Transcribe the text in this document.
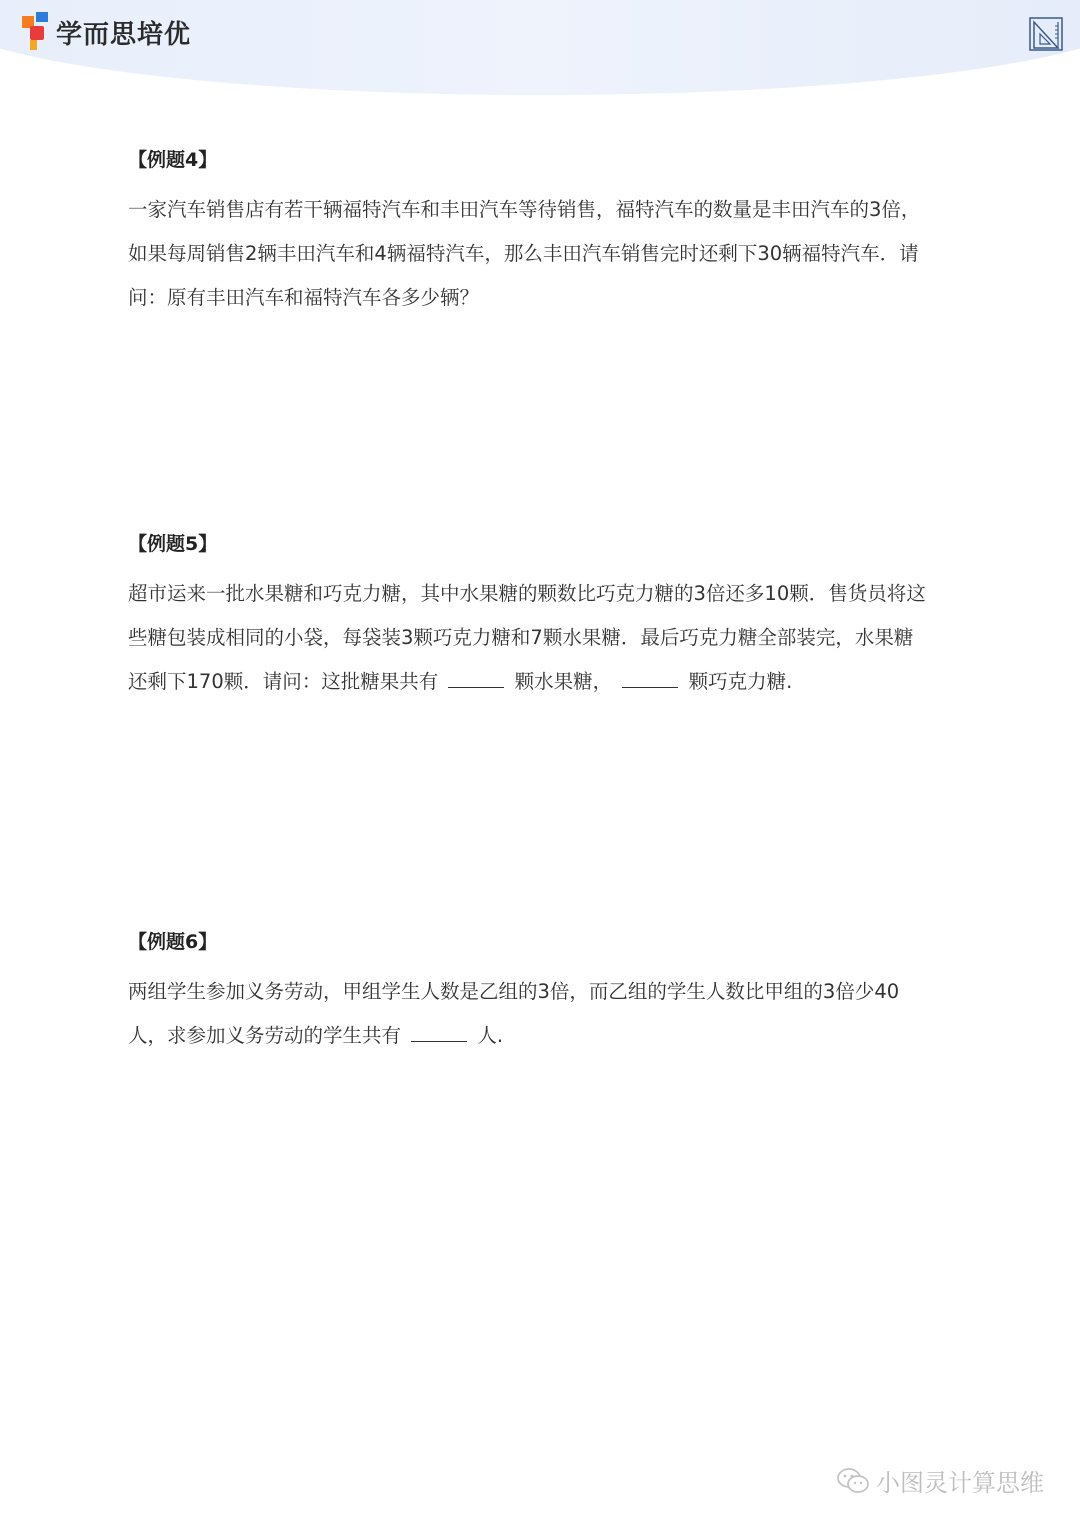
学而思培优
【例题4】
一家汽车销售店有若干辆福特汽车和丰田汽车等待销售，福特汽车的数量是丰田汽车的3倍，
如果每周销售2辆丰田汽车和4辆福特汽车，那么丰田汽车销售完时还剩下30辆福特汽车．请
问：原有丰田汽车和福特汽车各多少辆？
【例题5】
超市运来一批水果糖和巧克力糖，其中水果糖的颗数比巧克力糖的3倍还多10颗．售货员将这
些糖包装成相同的小袋，每袋装3颗巧克力糖和7颗水果糖．最后巧克力糖全部装完，水果糖
还剩下170颗．请问：这批糖果共有	颗水果糖，	颗巧克力糖.
【例题6】
两组学生参加义务劳动，甲组学生人数是乙组的3倍，而乙组的学生人数比甲组的3倍少40
人，求参加义务劳动的学生共有	人.
小图灵计算思维
